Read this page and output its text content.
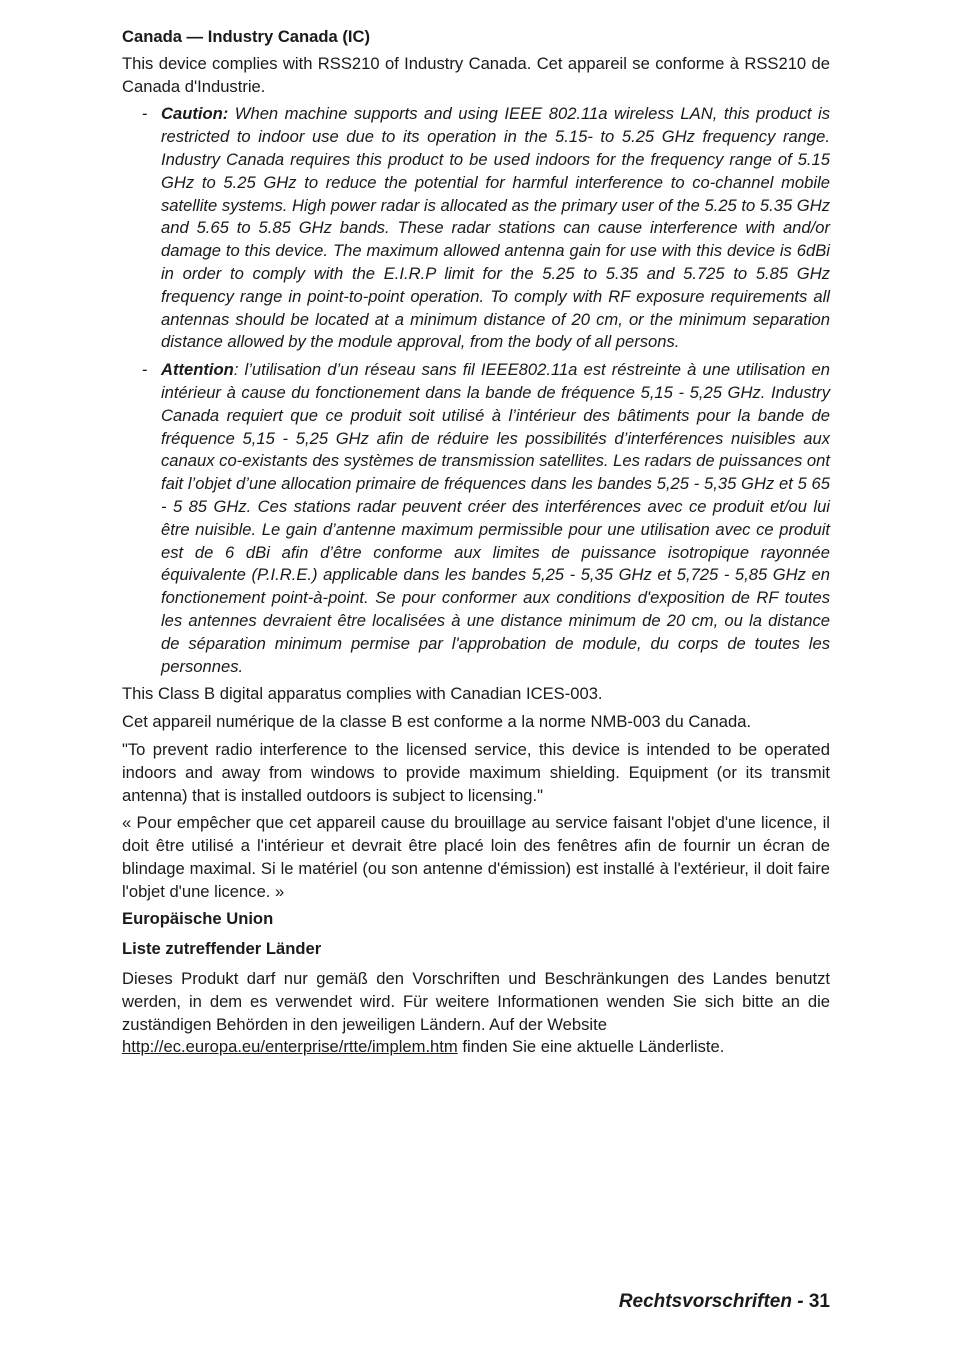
Canada — Industry Canada (IC)

This device complies with RSS210 of Industry Canada. Cet appareil se conforme à RSS210 de Canada d'Industrie.

- Caution: When machine supports and using IEEE 802.11a wireless LAN, this product is restricted to indoor use due to its operation in the 5.15- to 5.25 GHz frequency range. Industry Canada requires this product to be used indoors for the frequency range of 5.15 GHz to 5.25 GHz to reduce the potential for harmful interference to co-channel mobile satellite systems. High power radar is allocated as the primary user of the 5.25 to 5.35 GHz and 5.65 to 5.85 GHz bands. These radar stations can cause interference with and/or damage to this device. The maximum allowed antenna gain for use with this device is 6dBi in order to comply with the E.I.R.P limit for the 5.25 to 5.35 and 5.725 to 5.85 GHz frequency range in point-to-point operation. To comply with RF exposure requirements all antennas should be located at a minimum distance of 20 cm, or the minimum separation distance allowed by the module approval, from the body of all persons.
- Attention: l’utilisation d’un réseau sans fil IEEE802.11a est réstreinte à une utilisation en intérieur à cause du fonctionement dans la bande de fréquence 5,15 - 5,25 GHz. Industry Canada requiert que ce produit soit utilisé à l’intérieur des bâtiments pour la bande de fréquence 5,15 - 5,25 GHz afin de réduire les possibilités d’interférences nuisibles aux canaux co-existants des systèmes de transmission satellites. Les radars de puissances ont fait l’objet d’une allocation primaire de fréquences dans les bandes 5,25 - 5,35 GHz et 5 65 - 5 85 GHz. Ces stations radar peuvent créer des interférences avec ce produit et/ou lui être nuisible. Le gain d’antenne maximum permissible pour une utilisation avec ce produit est de 6 dBi afin d’être conforme aux limites de puissance isotropique rayonnée équivalente (P.I.R.E.) applicable dans les bandes 5,25 - 5,35 GHz et 5,725 - 5,85 GHz en fonctionement point-à-point. Se pour conformer aux conditions d'exposition de RF toutes les antennes devraient être localisées à une distance minimum de 20 cm, ou la distance de séparation minimum permise par l'approbation de module, du corps de toutes les personnes.

This Class B digital apparatus complies with Canadian ICES-003.

Cet appareil numérique de la classe B est conforme a la norme NMB-003 du Canada.

"To prevent radio interference to the licensed service, this device is intended to be operated indoors and away from windows to provide maximum shielding. Equipment (or its transmit antenna) that is installed outdoors is subject to licensing."

« Pour empêcher que cet appareil cause du brouillage au service faisant l'objet d'une licence, il doit être utilisé a l'intérieur et devrait être placé loin des fenêtres afin de fournir un écran de blindage maximal. Si le matériel (ou son antenne d'émission) est installé à l'extérieur, il doit faire l'objet d'une licence. »

Europäische Union
Liste zutreffender Länder

Dieses Produkt darf nur gemäß den Vorschriften und Beschränkungen des Landes benutzt werden, in dem es verwendet wird. Für weitere Informationen wenden Sie sich bitte an die zuständigen Behörden in den jeweiligen Ländern. Auf der Website
http://ec.europa.eu/enterprise/rtte/implem.htm finden Sie eine aktuelle Länderliste.

Rechtsvorschriften - 31
